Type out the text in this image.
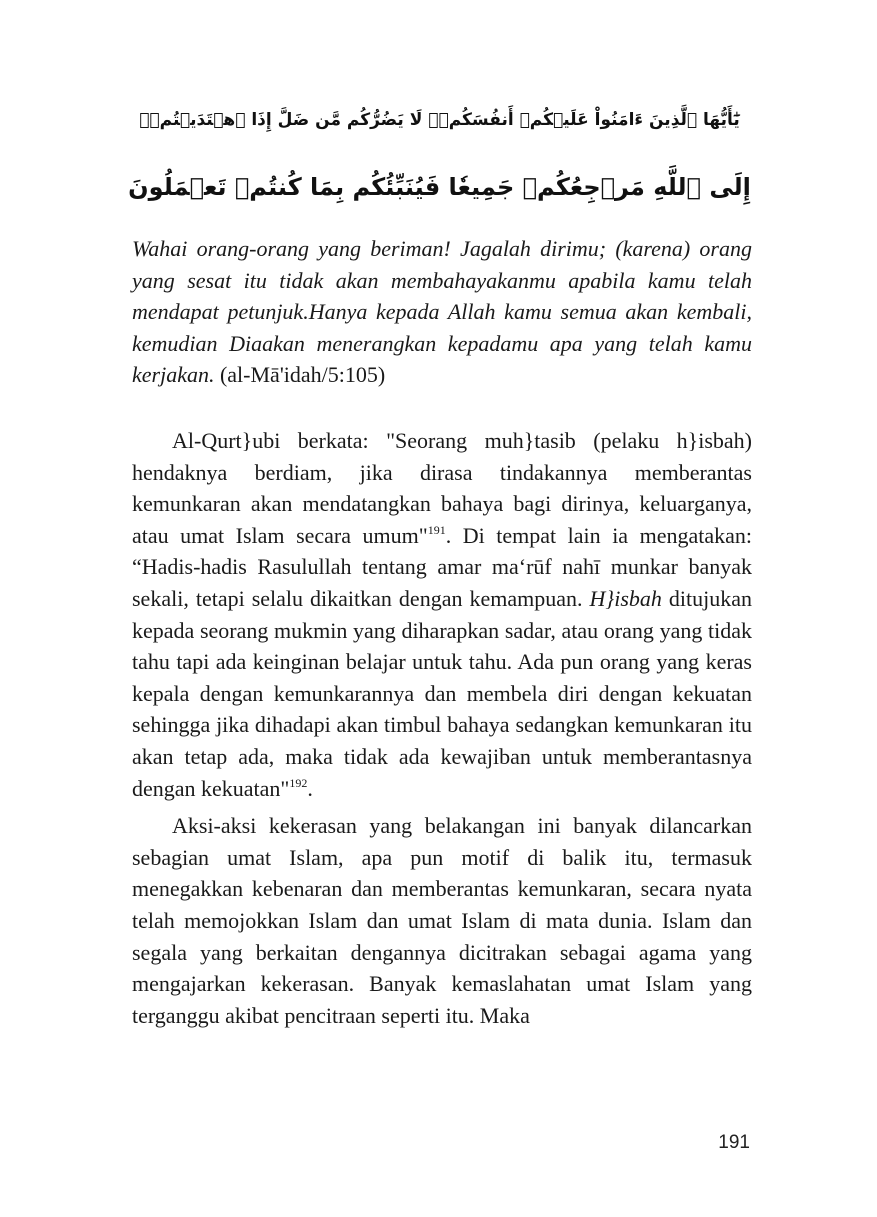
يَٰٓأَيُّهَا ٱلَّذِينَ ءَامَنُواْ عَلَيۡكُمۡ أَنفُسَكُمۡۖ لَا يَضُرُّكُم مَّن ضَلَّ إِذَا ٱهۡتَدَيۡتُمۡۚ
إِلَى ٱللَّهِ مَرۡجِعُكُمۡ جَمِيعٗا فَيُنَبِّئُكُم بِمَا كُنتُمۡ تَعۡمَلُونَ

Wahai orang-orang yang beriman! Jagalah dirimu; (karena) orang yang sesat itu tidak akan membahayakanmu apabila kamu telah mendapat petunjuk.Hanya kepada Allah kamu semua akan kembali, kemudian Diaakan menerangkan kepadamu apa yang telah kamu kerjakan. (al-Mā'idah/5:105)

Al-Qurt}ubi berkata: "Seorang muh}tasib (pelaku h}isbah) hendaknya berdiam, jika dirasa tindakannya memberantas kemunkaran akan mendatangkan bahaya bagi dirinya, keluarganya, atau umat Islam secara umum"$^{191}$. Di tempat lain ia mengatakan: “Hadis-hadis Rasulullah tentang amar ma‘rūf nahī munkar banyak sekali, tetapi selalu dikaitkan dengan kemampuan. H}isbah ditujukan kepada seorang mukmin yang diharapkan sadar, atau orang yang tidak tahu tapi ada keinginan belajar untuk tahu. Ada pun orang yang keras kepala dengan kemunkarannya dan membela diri dengan kekuatan sehingga jika dihadapi akan timbul bahaya sedangkan kemunkaran itu akan tetap ada, maka tidak ada kewajiban untuk memberantasnya dengan kekuatan"$^{192}$.

Aksi-aksi kekerasan yang belakangan ini banyak dilancarkan sebagian umat Islam, apa pun motif di balik itu, termasuk menegakkan kebenaran dan memberantas kemunkaran, secara nyata telah memojokkan Islam dan umat Islam di mata dunia. Islam dan segala yang berkaitan dengannya dicitrakan sebagai agama yang mengajarkan kekerasan. Banyak kemaslahatan umat Islam yang terganggu akibat pencitraan seperti itu. Maka

191
